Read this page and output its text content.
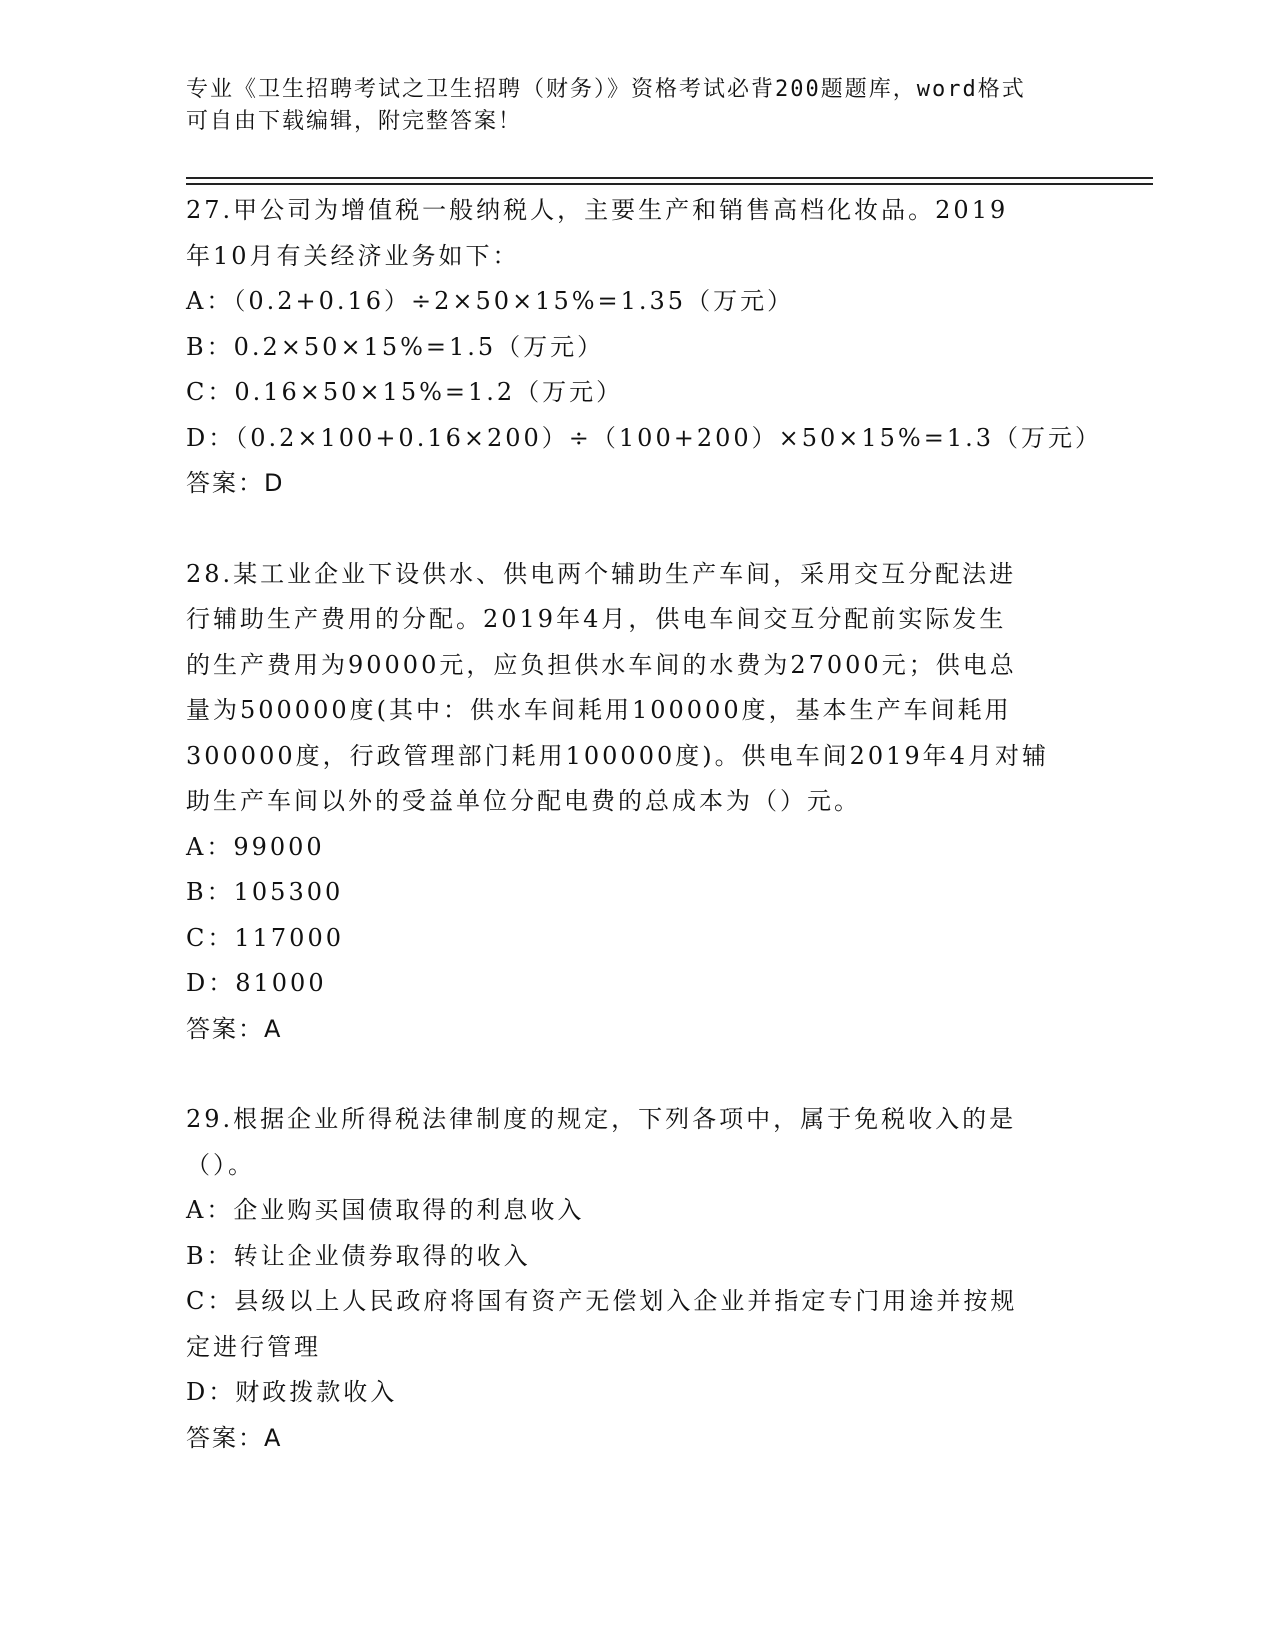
专业《卫生招聘考试之卫生招聘（财务）》资格考试必背200题题库，word格式
可自由下载编辑，附完整答案！
27.甲公司为增值税一般纳税人，主要生产和销售高档化妆品。2019
年10月有关经济业务如下：
A：（0.2+0.16）÷2×50×15%=1.35（万元）
B：0.2×50×15%=1.5（万元）
C：0.16×50×15%=1.2（万元）
D：（0.2×100+0.16×200）÷（100+200）×50×15%=1.3（万元）
答案：D
28.某工业企业下设供水、供电两个辅助生产车间，采用交互分配法进
行辅助生产费用的分配。2019年4月，供电车间交互分配前实际发生
的生产费用为90000元，应负担供水车间的水费为27000元；供电总
量为500000度(其中：供水车间耗用100000度，基本生产车间耗用
300000度，行政管理部门耗用100000度)。供电车间2019年4月对辅
助生产车间以外的受益单位分配电费的总成本为（）元。
A：99000
B：105300
C：117000
D：81000
答案：A
29.根据企业所得税法律制度的规定，下列各项中，属于免税收入的是
（）。
A：企业购买国债取得的利息收入
B：转让企业债券取得的收入
C：县级以上人民政府将国有资产无偿划入企业并指定专门用途并按规
定进行管理
D：财政拨款收入
答案：A
